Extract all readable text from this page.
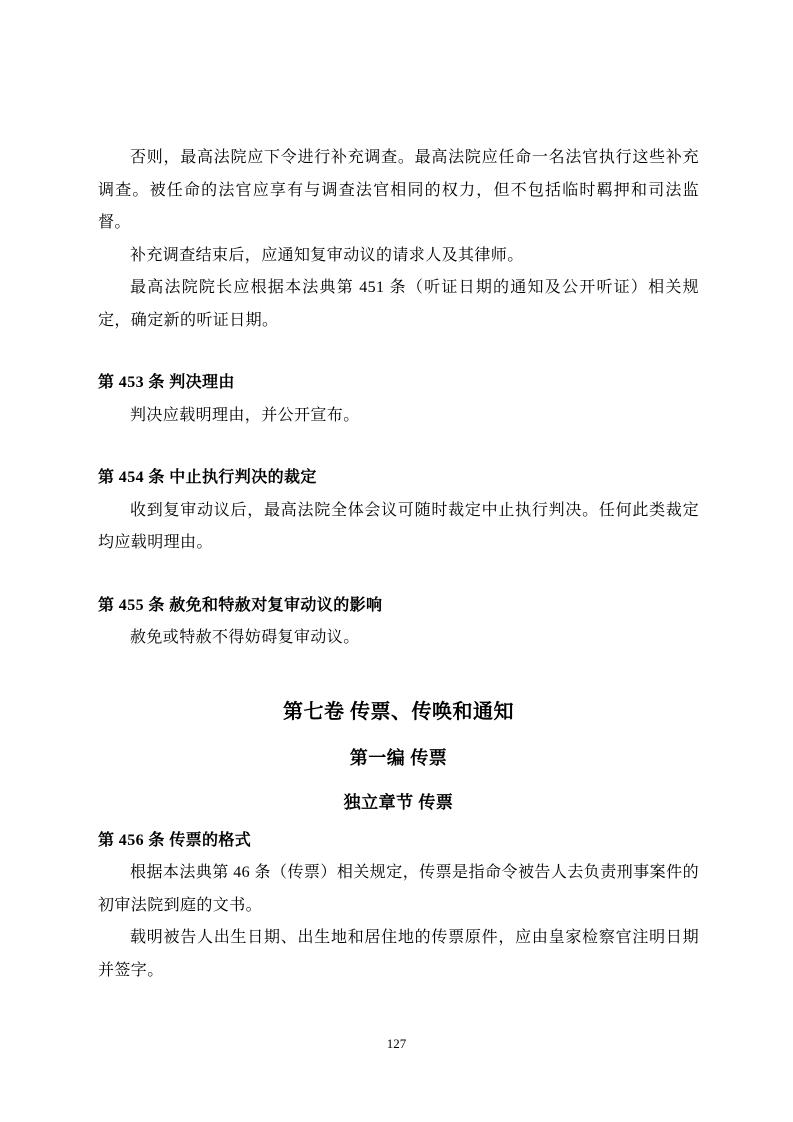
否则，最高法院应下令进行补充调查。最高法院应任命一名法官执行这些补充调查。被任命的法官应享有与调查法官相同的权力，但不包括临时羁押和司法监督。

补充调查结束后，应通知复审动议的请求人及其律师。

最高法院院长应根据本法典第 451 条（听证日期的通知及公开听证）相关规定，确定新的听证日期。

第 453 条 判决理由

判决应载明理由，并公开宣布。

第 454 条 中止执行判决的裁定

收到复审动议后，最高法院全体会议可随时裁定中止执行判决。任何此类裁定均应载明理由。

第 455 条 赦免和特赦对复审动议的影响

赦免或特赦不得妨碍复审动议。

第七卷 传票、传唤和通知
第一编 传票
独立章节 传票
第 456 条 传票的格式

根据本法典第 46 条（传票）相关规定，传票是指命令被告人去负责刑事案件的初审法院到庭的文书。

载明被告人出生日期、出生地和居住地的传票原件，应由皇家检察官注明日期并签字。

127
